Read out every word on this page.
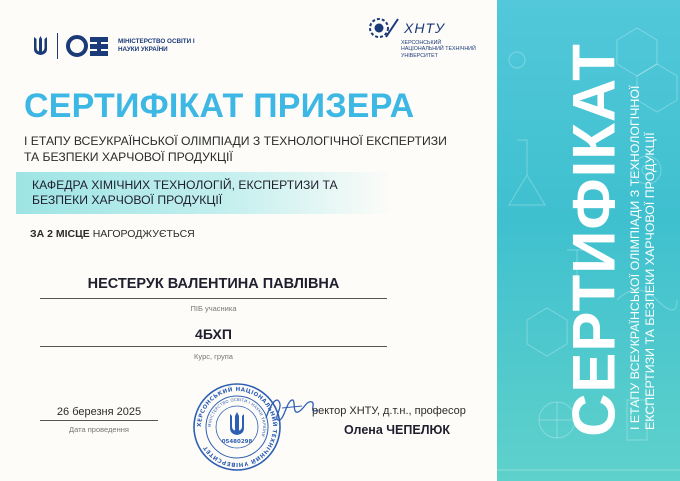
МІНІСТЕРСТВО ОСВІТИ І НАУКИ УКРАЇНИ
ХНТУ
ХЕРСОНСЬКИЙ НАЦІОНАЛЬНИЙ ТЕХНІЧНИЙ УНІВЕРСИТЕТ
СЕРТИФІКАТ ПРИЗЕРА
І ЕТАПУ ВСЕУКРАЇНСЬКОЇ ОЛІМПІАДИ З ТЕХНОЛОГІЧНОЇ ЕКСПЕРТИЗИ ТА БЕЗПЕКИ ХАРЧОВОЇ ПРОДУКЦІЇ
КАФЕДРА ХІМІЧНИХ ТЕХНОЛОГІЙ, ЕКСПЕРТИЗИ ТА БЕЗПЕКИ ХАРЧОВОЇ ПРОДУКЦІЇ
ЗА 2 МІСЦЕ НАГОРОДЖУЄТЬСЯ
НЕСТЕРУК ВАЛЕНТИНА ПАВЛІВНА
ПІБ учасника
4БХП
Курс, група
26 березня 2025
Дата проведення
ХЕРСОНСЬКИЙ НАЦІОНАЛЬНИЙ ТЕХНІЧНИЙ УНІВЕРСИТЕТ
МІНІСТЕРСТВО ОСВІТИ І НАУКИ УКРАЇНИ
05480298
ректор ХНТУ, д.т.н., професор
Олена ЧЕПЕЛЮК СЕРТИФІКАТ І ЕТАПУ ВСЕУКРАЇНСЬКОЇ ОЛІМПІАДИ З ТЕХНОЛОГІЧНОЇ ЕКСПЕРТИЗИ ТА БЕЗПЕКИ ХАРЧОВОЇ ПРОДУКЦІЇ
